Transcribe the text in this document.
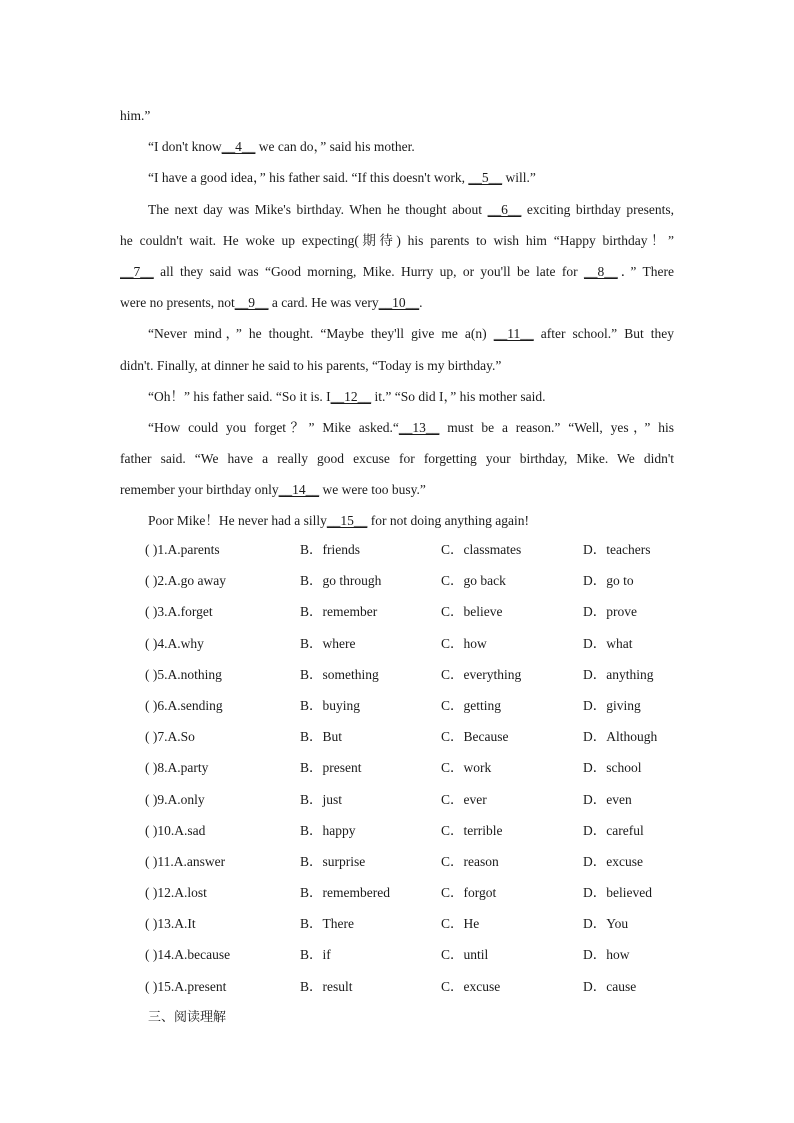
him.”
“I don't know__4__ we can do，” said his mother.
“I have a good idea，” his father said. “If this doesn't work, __5__ will.”
The next day was Mike's birthday. When he thought about __6__ exciting birthday presents,
he couldn't wait. He woke up expecting(期待) his parents to wish him “Happy birthday！”
__7__ all they said was “Good morning, Mike. Hurry up, or you'll be late for __8__．” There
were no presents, not__9__ a card. He was very__10__.
“Never mind，” he thought. “Maybe they'll give me a(n) __11__ after school.” But they
didn't. Finally, at dinner he said to his parents, “Today is my birthday.”
“Oh！” his father said. “So it is. I__12__ it.” “So did I，” his mother said.
“How could you forget？” Mike asked.“__13__ must be a reason.” “Well, yes，” his
father said. “We have a really good excuse for forgetting your birthday, Mike. We didn't
remember your birthday only__14__ we were too busy.”
Poor Mike！He never had a silly__15__ for not doing anything again!
( )1.A.parents	B．friends	C．classmates	D．teachers
( )2.A.go away	B．go through	C．go back	D．go to
( )3.A.forget	B．remember	C．believe	D．prove
( )4.A.why	B．where	C．how	D．what
( )5.A.nothing	B．something	C．everything	D．anything
( )6.A.sending	B．buying	C．getting	D．giving
( )7.A.So	B．But	C．Because	D．Although
( )8.A.party	B．present	C．work	D．school
( )9.A.only	B．just	C．ever	D．even
( )10.A.sad	B．happy	C．terrible	D．careful
( )11.A.answer	B．surprise	C．reason	D．excuse
( )12.A.lost	B．remembered	C．forgot	D．believed
( )13.A.It	B．There	C．He	D．You
( )14.A.because	B．if	C．until	D．how
( )15.A.present	B．result	C．excuse	D．cause
三、阅读理解
